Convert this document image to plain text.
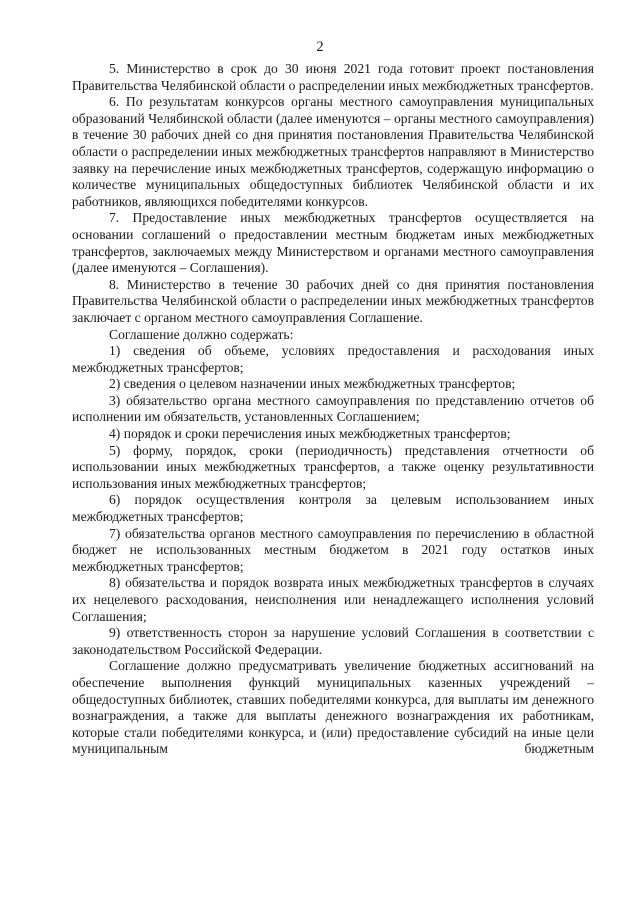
2

5. Министерство в срок до 30 июня 2021 года готовит проект постановления Правительства Челябинской области о распределении иных межбюджетных трансфертов.

6. По результатам конкурсов органы местного самоуправления муниципальных образований Челябинской области (далее именуются – органы местного самоуправления) в течение 30 рабочих дней со дня принятия постановления Правительства Челябинской области о распределении иных межбюджетных трансфертов направляют в Министерство заявку на перечисление иных межбюджетных трансфертов, содержащую информацию о количестве муниципальных общедоступных библиотек Челябинской области и их работников, являющихся победителями конкурсов.

7. Предоставление иных межбюджетных трансфертов осуществляется на основании соглашений о предоставлении местным бюджетам иных межбюджетных трансфертов, заключаемых между Министерством и органами местного самоуправления (далее именуются – Соглашения).

8. Министерство в течение 30 рабочих дней со дня принятия постановления Правительства Челябинской области о распределении иных межбюджетных трансфертов заключает с органом местного самоуправления Соглашение.

Соглашение должно содержать:

1) сведения об объеме, условиях предоставления и расходования иных межбюджетных трансфертов;

2) сведения о целевом назначении иных межбюджетных трансфертов;

3) обязательство органа местного самоуправления по представлению отчетов об исполнении им обязательств, установленных Соглашением;

4) порядок и сроки перечисления иных межбюджетных трансфертов;

5) форму, порядок, сроки (периодичность) представления отчетности об использовании иных межбюджетных трансфертов, а также оценку результативности использования иных межбюджетных трансфертов;

6) порядок осуществления контроля за целевым использованием иных межбюджетных трансфертов;

7) обязательства органов местного самоуправления по перечислению в областной бюджет не использованных местным бюджетом в 2021 году остатков иных межбюджетных трансфертов;

8) обязательства и порядок возврата иных межбюджетных трансфертов в случаях их нецелевого расходования, неисполнения или ненадлежащего исполнения условий Соглашения;

9) ответственность сторон за нарушение условий Соглашения в соответствии с законодательством Российской Федерации.

Соглашение должно предусматривать увеличение бюджетных ассигнований на обеспечение выполнения функций муниципальных казенных учреждений – общедоступных библиотек, ставших победителями конкурса, для выплаты им денежного вознаграждения, а также для выплаты денежного вознаграждения их работникам, которые стали победителями конкурса, и (или) предоставление субсидий на иные цели муниципальным бюджетным
